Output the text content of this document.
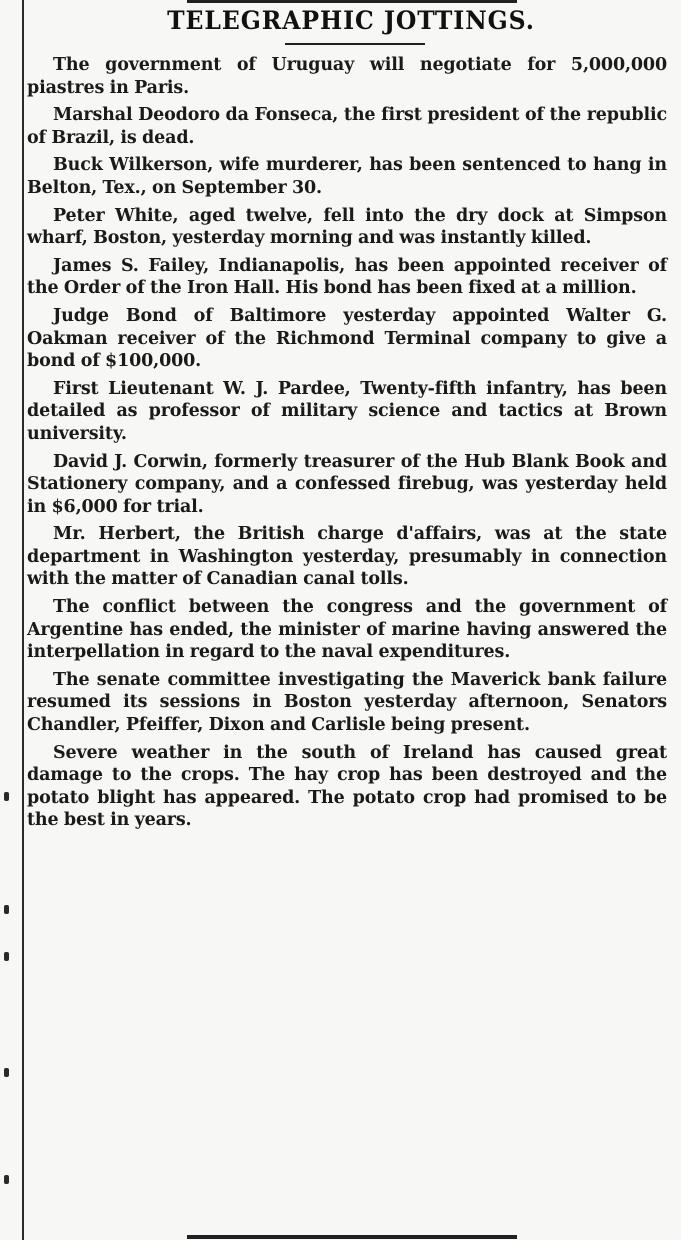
TELEGRAPHIC JOTTINGS.

The government of Uruguay will negotiate for 5,000,000 piastres in Paris.

Marshal Deodoro da Fonseca, the first president of the republic of Brazil, is dead.

Buck Wilkerson, wife murderer, has been sentenced to hang in Belton, Tex., on September 30.

Peter White, aged twelve, fell into the dry dock at Simpson wharf, Boston, yesterday morning and was instantly killed.

James S. Failey, Indianapolis, has been appointed receiver of the Order of the Iron Hall. His bond has been fixed at a million.

Judge Bond of Baltimore yesterday appointed Walter G. Oakman receiver of the Richmond Terminal company to give a bond of $100,000.

First Lieutenant W. J. Pardee, Twenty-fifth infantry, has been detailed as professor of military science and tactics at Brown university.

David J. Corwin, formerly treasurer of the Hub Blank Book and Stationery company, and a confessed firebug, was yesterday held in $6,000 for trial.

Mr. Herbert, the British charge d'affairs, was at the state department in Washington yesterday, presumably in connection with the matter of Canadian canal tolls.

The conflict between the congress and the government of Argentine has ended, the minister of marine having answered the interpellation in regard to the naval expenditures.

The senate committee investigating the Maverick bank failure resumed its sessions in Boston yesterday afternoon, Senators Chandler, Pfeiffer, Dixon and Carlisle being present.

Severe weather in the south of Ireland has caused great damage to the crops. The hay crop has been destroyed and the potato blight has appeared. The potato crop had promised to be the best in years.
